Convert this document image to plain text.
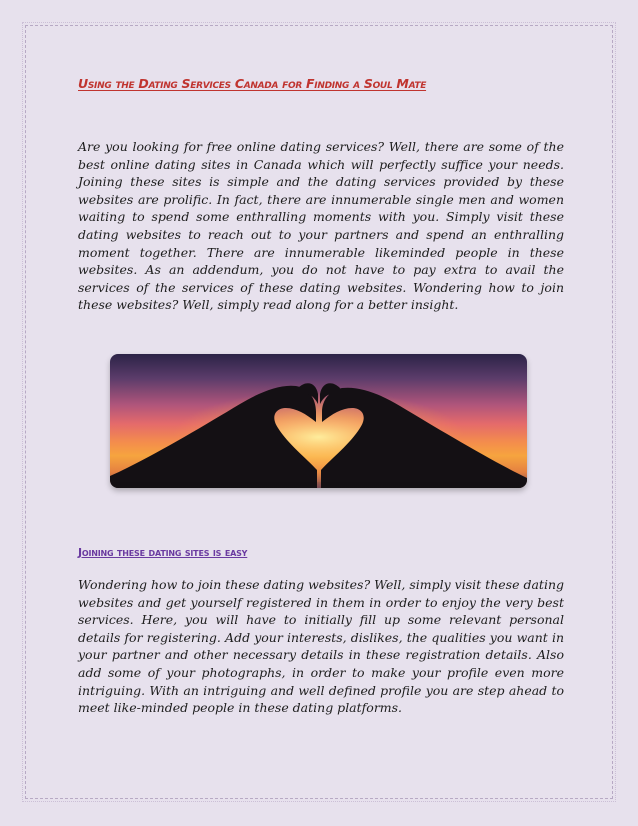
Using the Dating Services Canada for Finding a Soul Mate

Are you looking for free online dating services? Well, there are some of the best online dating sites in Canada which will perfectly suffice your needs. Joining these sites is simple and the dating services provided by these websites are prolific. In fact, there are innumerable single men and women waiting to spend some enthralling moments with you. Simply visit these dating websites to reach out to your partners and spend an enthralling moment together. There are innumerable likeminded people in these websites. As an addendum, you do not have to pay extra to avail the services of the services of these dating websites. Wondering how to join these websites? Well, simply read along for a better insight.

Joining these dating sites is easy

Wondering how to join these dating websites? Well, simply visit these dating websites and get yourself registered in them in order to enjoy the very best services. Here, you will have to initially fill up some relevant personal details for registering. Add your interests, dislikes, the qualities you want in your partner and other necessary details in these registration details. Also add some of your photographs, in order to make your profile even more intriguing. With an intriguing and well defined profile you are step ahead to meet like-minded people in these dating platforms.
